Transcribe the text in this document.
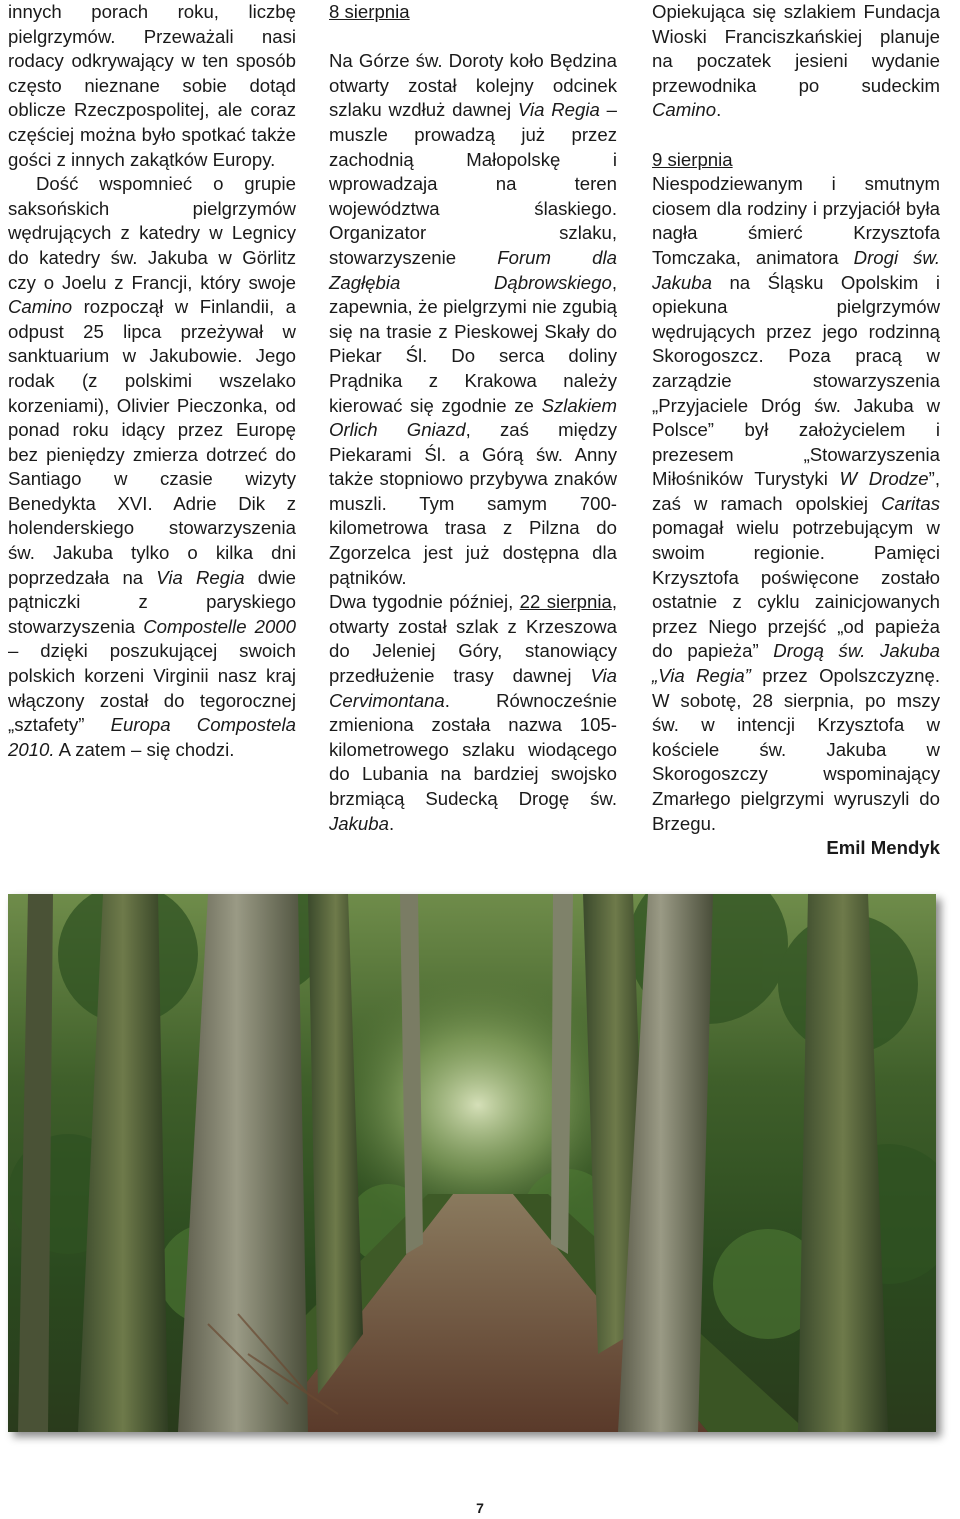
innych porach roku, liczbę pielgrzymów. Przeważali nasi rodacy odkrywający w ten sposób często nieznane sobie dotąd oblicze Rzeczpospolitej, ale coraz częściej można było spotkać także gości z innych zakątków Europy.

Dość wspomnieć o grupie saksońskich pielgrzymów wędrujących z katedry w Legnicy do katedry św. Jakuba w Görlitz czy o Joelu z Francji, który swoje Camino rozpoczął w Finlandii, a odpust 25 lipca przeżywał w sanktuarium w Jakubowie. Jego rodak (z polskimi wszelako korzeniami), Olivier Pieczonka, od ponad roku idący przez Europę bez pieniędzy zmierza dotrzeć do Santiago w czasie wizyty Benedykta XVI. Adrie Dik z holenderskiego stowarzyszenia św. Jakuba tylko o kilka dni poprzedzała na Via Regia dwie pątniczki z paryskiego stowarzyszenia Compostelle 2000 – dzięki poszukującej swoich polskich korzeni Virginii nasz kraj włączony został do tegorocznej „sztafety” Europa Compostela 2010. A zatem – się chodzi.

8 sierpnia

Na Górze św. Doroty koło Będzina otwarty został kolejny odcinek szlaku wzdłuż dawnej Via Regia – muszle prowadzą już przez zachodnią Małopolskę i wprowadzaja na teren województwa ślaskiego. Organizator szlaku, stowarzyszenie Forum dla Zagłębia Dąbrowskiego, zapewnia, że pielgrzymi nie zgubią się na trasie z Pieskowej Skały do Piekar Śl. Do serca doliny Prądnika z Krakowa należy kierować się zgodnie ze Szlakiem Orlich Gniazd, zaś między Piekarami Śl. a Górą św. Anny także stopniowo przybywa znaków muszli. Tym samym 700-kilometrowa trasa z Pilzna do Zgorzelca jest już dostępna dla pątników.

Dwa tygodnie później, 22 sierpnia, otwarty został szlak z Krzeszowa do Jeleniej Góry, stanowiący przedłużenie trasy dawnej Via Cervimontana. Równocześnie zmieniona została nazwa 105-kilometrowego szlaku wiodącego do Lubania na bardziej swojsko brzmiącą Sudecką Drogę św. Jakuba.

Opiekująca się szlakiem Fundacja Wioski Franciszkańskiej planuje na poczatek jesieni wydanie przewodnika po sudeckim Camino.

9 sierpnia

Niespodziewanym i smutnym ciosem dla rodziny i przyjaciół była nagła śmierć Krzysztofa Tomczaka, animatora Drogi św. Jakuba na Śląsku Opolskim i opiekuna pielgrzymów wędrujących przez jego rodzinną Skorogoszcz. Poza pracą w zarządzie stowarzyszenia „Przyjaciele Dróg św. Jakuba w Polsce” był założycielem i prezesem „Stowarzyszenia Miłośników Turystyki W Drodze”, zaś w ramach opolskiej Caritas pomagał wielu potrzebującym w swoim regionie. Pamięci Krzysztofa poświęcone zostało ostatnie z cyklu zainicjowanych przez Niego przejść „od papieża do papieża” Drogą św. Jakuba „Via Regia” przez Opolszczyznę. W sobotę, 28 sierpnia, po mszy św. w intencji Krzysztofa w kościele św. Jakuba w Skorogoszczy wspominający Zmarłego pielgrzymi wyruszyli do Brzegu.

Emil Mendyk

7
